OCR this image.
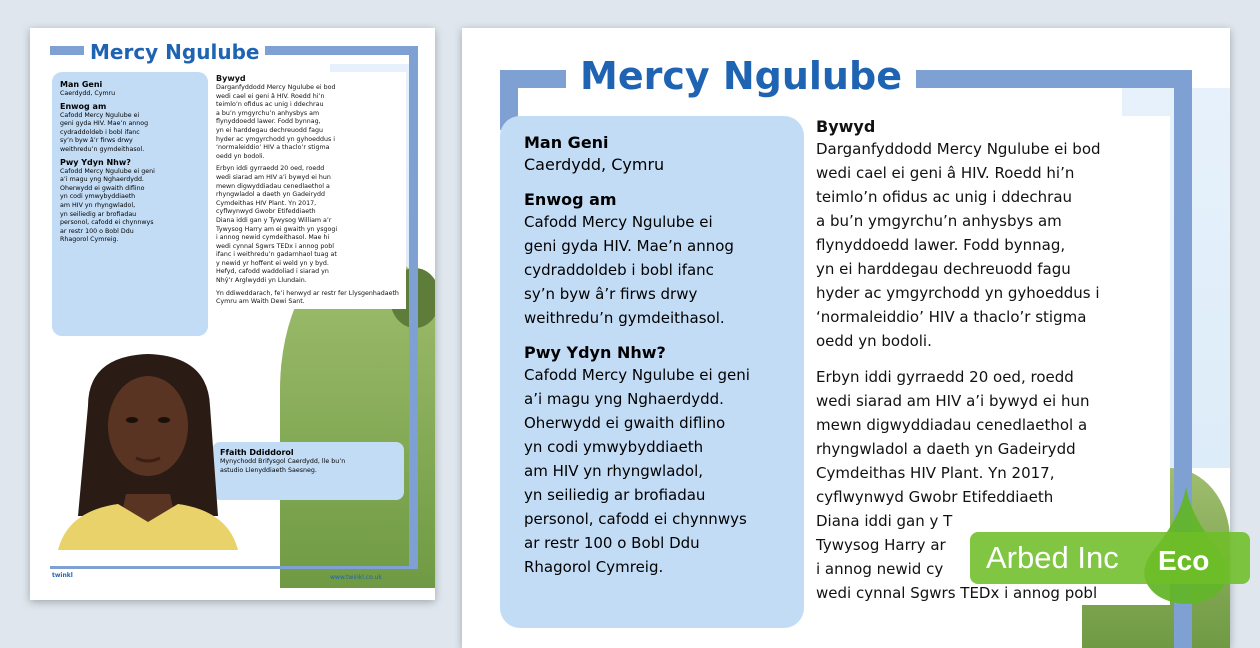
Mercy Ngulube
Man Geni
Caerdydd, Cymru
Enwog am
Cafodd Mercy Ngulube ei
geni gyda HIV. Mae’n annog
cydraddoldeb i bobl ifanc
sy’n byw â’r firws drwy
weithredu’n gymdeithasol.
Pwy Ydyn Nhw?
Cafodd Mercy Ngulube ei geni
a’i magu yng Nghaerdydd.
Oherwydd ei gwaith diflino
yn codi ymwybyddiaeth
am HIV yn rhyngwladol,
yn seiliedig ar brofiadau
personol, cafodd ei chynnwys
ar restr 100 o Bobl Ddu
Rhagorol Cymreig.
Bywyd
Darganfyddodd Mercy Ngulube ei bod
wedi cael ei geni â HIV. Roedd hi’n
teimlo’n ofidus ac unig i ddechrau
a bu’n ymgyrchu’n anhysbys am
flynyddoedd lawer. Fodd bynnag,
yn ei harddegau dechreuodd fagu
hyder ac ymgyrchodd yn gyhoeddus i
‘normaleiddio’ HIV a thaclo’r stigma
oedd yn bodoli.
Erbyn iddi gyrraedd 20 oed, roedd
wedi siarad am HIV a’i bywyd ei hun
mewn digwyddiadau cenedlaethol a
rhyngwladol a daeth yn Gadeirydd
Cymdeithas HIV Plant. Yn 2017,
cyflwynwyd Gwobr Etifeddiaeth
Diana iddi gan y Tywysog William a’r
Tywysog Harry am ei gwaith yn ysgogi
i annog newid cymdeithasol. Mae hi
wedi cynnal Sgwrs TEDx i annog pobl
ifanc i weithredu’n gadarnhaol tuag at
y newid yr hoffent ei weld yn y byd.
Hefyd, cafodd waddoliad i siarad yn
Nhŷ’r Arglwyddi yn Llundain.
Yn ddiweddarach, fe’i henwyd ar restr fer Llysgenhadaeth
Cymru am Waith Dewi Sant.
Ffaith Ddiddorol
Mynychodd Brifysgol Caerdydd, lle bu’n
astudio Llenyddiaeth Saesneg.
twinkl	www.twinkl.co.uk
Mercy Ngulube
Man Geni
Caerdydd, Cymru
Enwog am
Cafodd Mercy Ngulube ei
geni gyda HIV. Mae’n annog
cydraddoldeb i bobl ifanc
sy’n byw â’r firws drwy
weithredu’n gymdeithasol.
Pwy Ydyn Nhw?
Cafodd Mercy Ngulube ei geni
a’i magu yng Nghaerdydd.
Oherwydd ei gwaith diflino
yn codi ymwybyddiaeth
am HIV yn rhyngwladol,
yn seiliedig ar brofiadau
personol, cafodd ei chynnwys
ar restr 100 o Bobl Ddu
Rhagorol Cymreig.
Bywyd
Darganfyddodd Mercy Ngulube ei bod
wedi cael ei geni â HIV. Roedd hi’n
teimlo’n ofidus ac unig i ddechrau
a bu’n ymgyrchu’n anhysbys am
flynyddoedd lawer. Fodd bynnag,
yn ei harddegau dechreuodd fagu
hyder ac ymgyrchodd yn gyhoeddus i
‘normaleiddio’ HIV a thaclo’r stigma
oedd yn bodoli.
Erbyn iddi gyrraedd 20 oed, roedd
wedi siarad am HIV a’i bywyd ei hun
mewn digwyddiadau cenedlaethol a
rhyngwladol a daeth yn Gadeirydd
Cymdeithas HIV Plant. Yn 2017,
cyflwynwyd Gwobr Etifeddiaeth
Diana iddi gan y T
Tywysog Harry ar
i annog newid cy
wedi cynnal Sgwrs TEDx i annog pobl
Arbed Inc Eco
